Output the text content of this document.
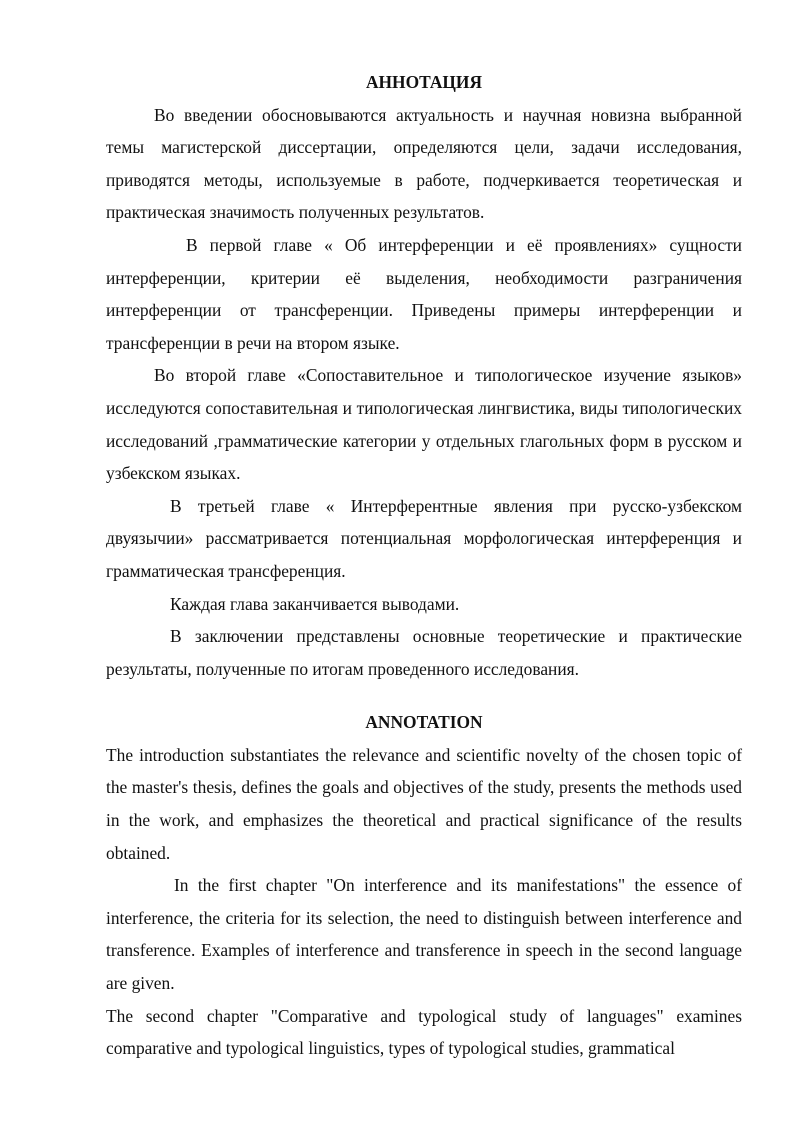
АННОТАЦИЯ

Во введении обосновываются актуальность и научная новизна выбранной темы магистерской диссертации, определяются цели, задачи исследования, приводятся методы, используемые в работе, подчеркивается теоретическая и практическая значимость полученных результатов.

В первой главе « Об интерференции и её проявлениях» сущности интерференции, критерии её выделения, необходимости разграничения интерференции от трансференции. Приведены примеры интерференции и трансференции в речи на втором языке.

Во второй главе «Сопоставительное и типологическое изучение языков» исследуются сопоставительная и типологическая лингвистика, виды типологических исследований ,грамматические категории у отдельных глагольных форм в русском и узбекском языках.

В третьей главе « Интерферентные явления при русско-узбекском двуязычии» рассматривается потенциальная морфологическая интерференция и грамматическая трансференция.

Каждая глава заканчивается выводами.

В заключении представлены основные теоретические и практические результаты, полученные по итогам проведенного исследования.

ANNOTATION

The introduction substantiates the relevance and scientific novelty of the chosen topic of the master's thesis, defines the goals and objectives of the study, presents the methods used in the work, and emphasizes the theoretical and practical significance of the results obtained.

In the first chapter "On interference and its manifestations" the essence of interference, the criteria for its selection, the need to distinguish between interference and transference. Examples of interference and transference in speech in the second language are given.

The second chapter "Comparative and typological study of languages" examines comparative and typological linguistics, types of typological studies, grammatical
